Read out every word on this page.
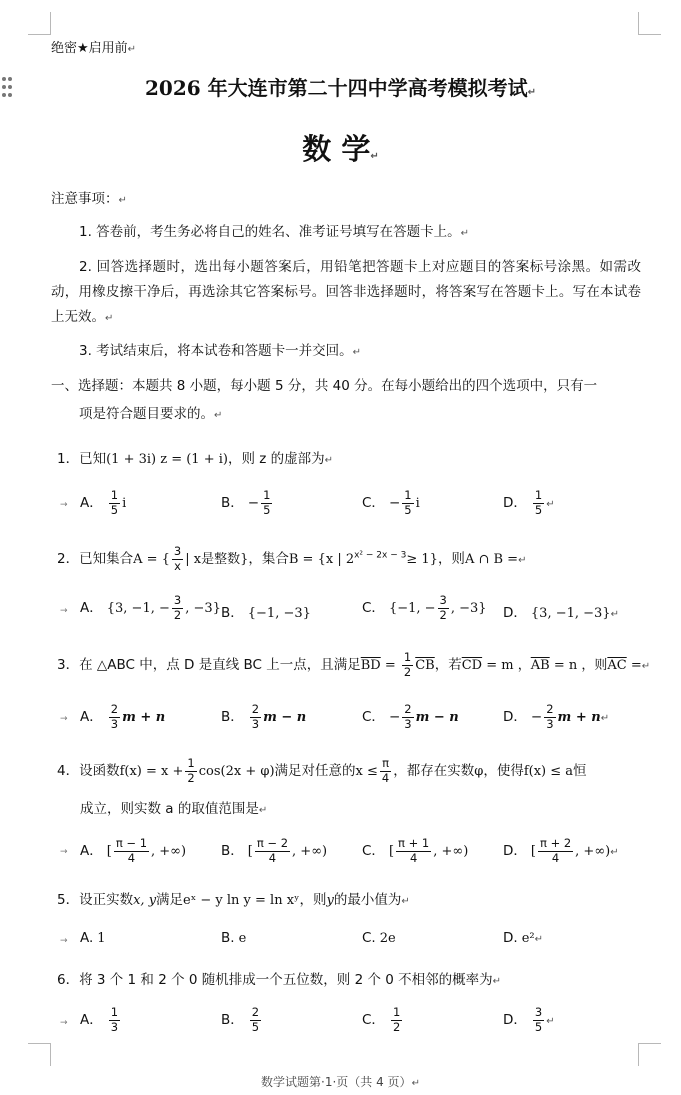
绝密★启用前↵
2026 年大连市第二十四中学高考模拟考试↵
数 学↵
注意事项：↵
1. 答卷前，考生务必将自己的姓名、准考证号填写在答题卡上。↵
2. 回答选择题时，选出每小题答案后，用铅笔把答题卡上对应题目的答案标号涂黑。如需改动，用橡皮擦干净后，再选涂其它答案标号。回答非选择题时，将答案写在答题卡上。写在本试卷上无效。↵
3. 考试结束后，将本试卷和答题卡一并交回。↵
一、选择题：本题共 8 小题，每小题 5 分，共 40 分。在每小题给出的四个选项中，只有一
项是符合题目要求的。↵
1．已知(1 + 3i) z = (1 + i)，则 z 的虚部为↵
→ A． $\frac{1}{5}$ i	B． − $\frac{1}{5}$	C． − $\frac{1}{5}$ i	D． $\frac{1}{5}$ ↵
2．已知集合A = { $\frac{3}{x}$ | x是整数}，集合B = {x | $2^{x^2 - 2x - 3}\ge 1$}，则A ∩ B =↵
→ A． {3, −1, − $\frac{3}{2}$ , −3} B． {−1, −3}	C． {−1, − $\frac{3}{2}$ , −3} D． {3, −1, −3}↵
3．在 △ABC 中，点 D 是直线 BC 上一点，且满足$\overline{BD} = \frac{1}{2} \overline{CB}$，若$\overline{CD} = m$ ，$\overline{AB} = n$ ，则$\overline{AC}$ =↵
→ A． $\frac{2}{3}$ m + n	B． $\frac{2}{3}$ m − n	C． − $\frac{2}{3}$ m − n	D． − $\frac{2}{3}$ m + n↵
4．设函数$f(x) = x + \frac{1}{2} \cos(2x + \varphi)$满足对任意的$x \le \frac{\pi}{4}$ ，都存在实数φ，使得f(x) ≤ a恒
成立，则实数 a 的取值范围是↵
→ A． [ $\frac{\pi - 1}{4}$ , +∞)	B． [ $\frac{\pi - 2}{4}$ , +∞)	C． [ $\frac{\pi + 1}{4}$ , +∞)	D． [ $\frac{\pi + 2}{4}$ , +∞)↵
5．设正实数x, y满足eˣ − y ln y = ln xʸ，则y的最小值为↵
→ A. 1	B. e	C. 2e	D. e²↵
6．将 3 个 1 和 2 个 0 随机排成一个五位数，则 2 个 0 不相邻的概率为↵
→ A． $\frac{1}{3}$	B． $\frac{2}{5}$	C． $\frac{1}{2}$	D． $\frac{3}{5}$ ↵
数学试题第·1·页（共 4 页）↵
